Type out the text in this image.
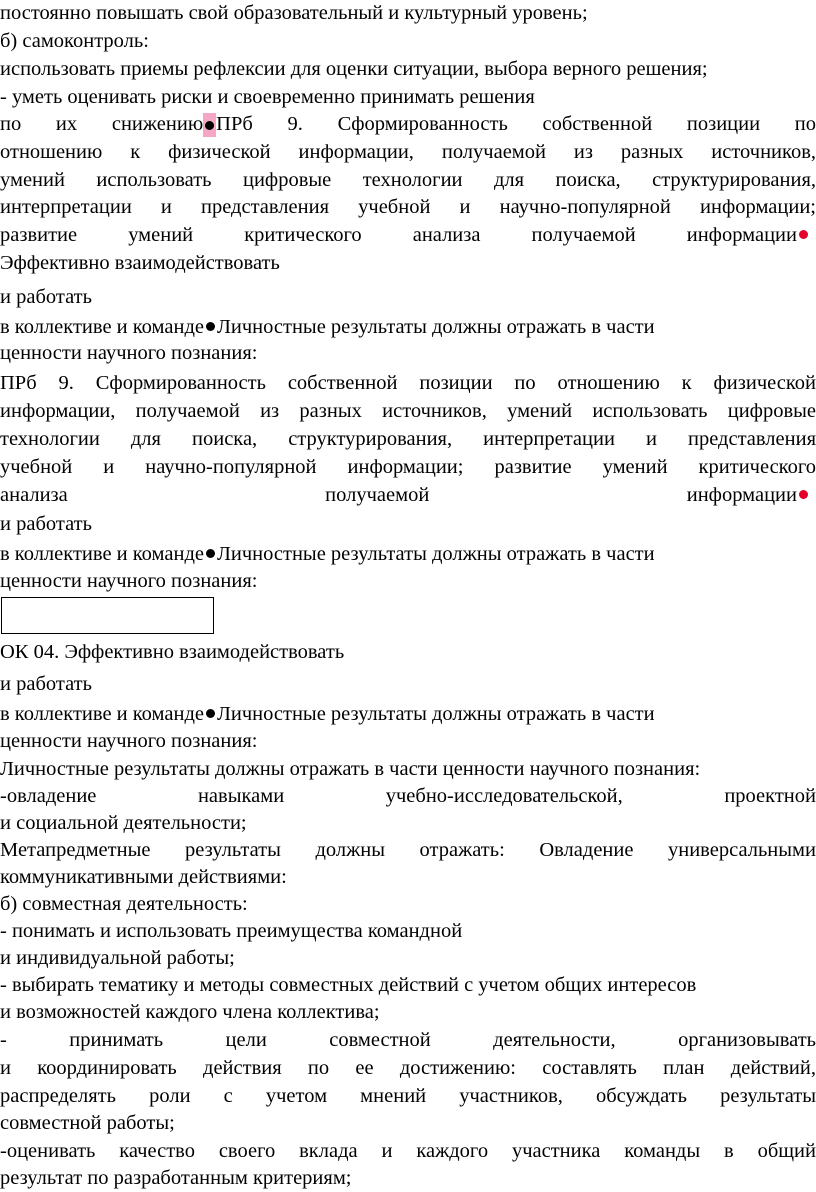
постоянно повышать свой образовательный и культурный уровень;
б) самоконтроль:
использовать приемы рефлексии для оценки ситуации, выбора верного решения;
- уметь оценивать риски и своевременно принимать решения
по их снижению ПРб 9. Сформированность собственной позиции по
отношению к физической информации, получаемой из разных источников,
умений использовать цифровые технологии для поиска, структурирования,
интерпретации и представления учебной и научно-популярной информации;
развитие умений критического анализа получаемой информации
Эффективно взаимодействовать
и работать
в коллективе и команде Личностные результаты должны отражать в части
ценности научного познания:
ПРб 9. Сформированность собственной позиции по отношению к физической
информации, получаемой из разных источников, умений использовать цифровые
технологии для поиска, структурирования, интерпретации и представления
учебной и научно-популярной информации; развитие умений критического
анализа получаемой информации
и работать
в коллективе и команде Личностные результаты должны отражать в части
ценности научного познания:
ОК 04. Эффективно взаимодействовать
и работать
в коллективе и команде Личностные результаты должны отражать в части
ценности научного познания:
Личностные результаты должны отражать в части ценности научного познания:
-овладение навыками учебно-исследовательской, проектной
и социальной деятельности;
Метапредметные результаты должны отражать: Овладение универсальными
коммуникативными действиями:
б) совместная деятельность:
- понимать и использовать преимущества командной
и индивидуальной работы;
- выбирать тематику и методы совместных действий с учетом общих интересов
и возможностей каждого члена коллектива;
- принимать цели совместной деятельности, организовывать
и координировать действия по ее достижению: составлять план действий,
распределять роли с учетом мнений участников, обсуждать результаты
совместной работы;
-оценивать качество своего вклада и каждого участника команды в общий
результат по разработанным критериям;
